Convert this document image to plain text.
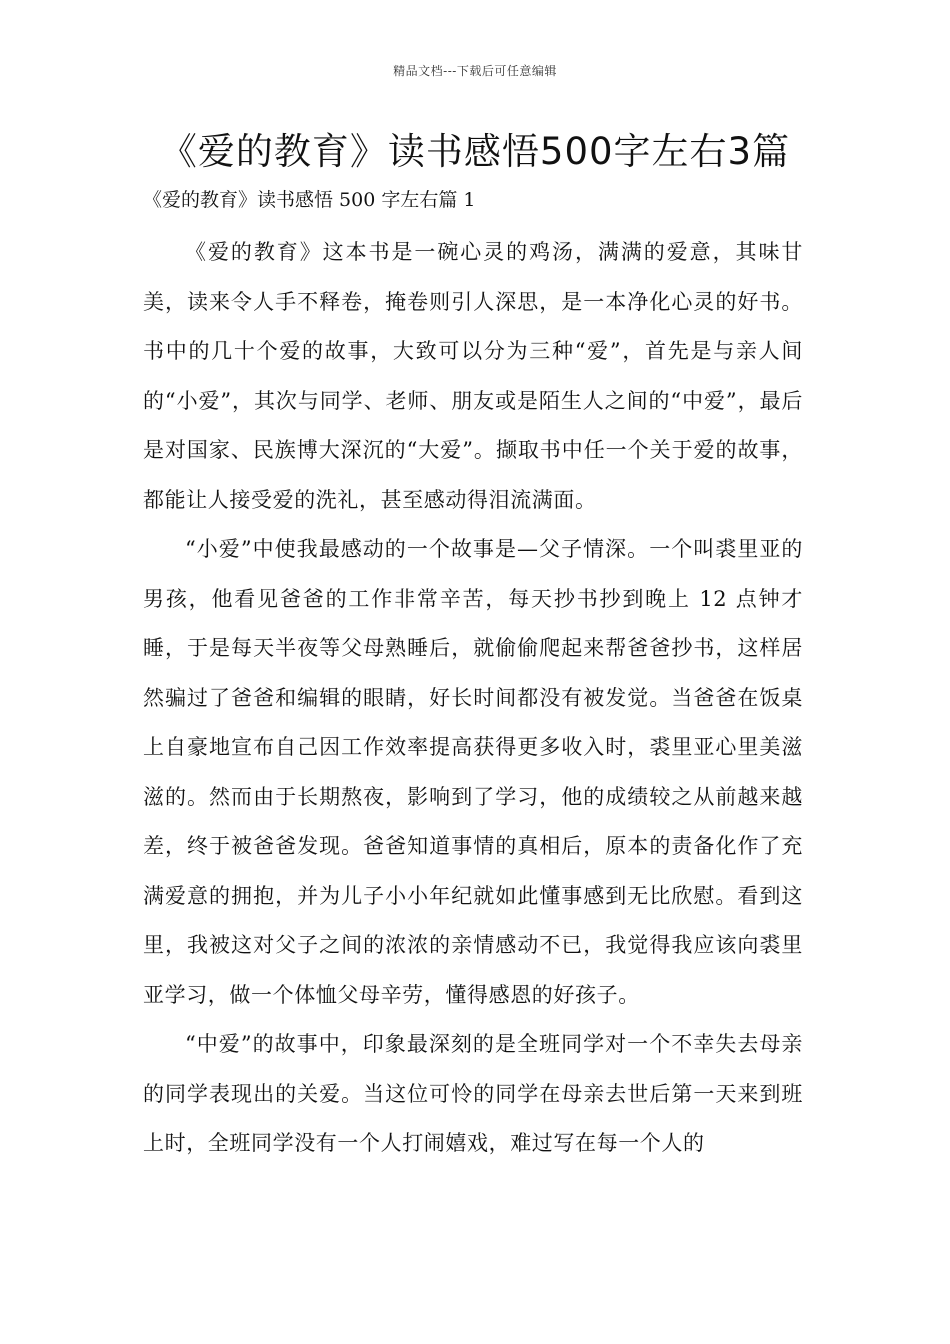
精品文档---下载后可任意编辑
《爱的教育》读书感悟500字左右3篇
《爱的教育》读书感悟 500 字左右篇 1

《爱的教育》这本书是一碗心灵的鸡汤，满满的爱意，其味甘美，读来令人手不释卷，掩卷则引人深思，是一本净化心灵的好书。书中的几十个爱的故事，大致可以分为三种“爱”，首先是与亲人间的“小爱”，其次与同学、老师、朋友或是陌生人之间的“中爱”，最后是对国家、民族博大深沉的“大爱”。撷取书中任一个关于爱的故事，都能让人接受爱的洗礼，甚至感动得泪流满面。

“小爱”中使我最感动的一个故事是—父子情深。一个叫裘里亚的男孩，他看见爸爸的工作非常辛苦，每天抄书抄到晚上 12 点钟才睡，于是每天半夜等父母熟睡后，就偷偷爬起来帮爸爸抄书，这样居然骗过了爸爸和编辑的眼睛，好长时间都没有被发觉。当爸爸在饭桌上自豪地宣布自己因工作效率提高获得更多收入时，裘里亚心里美滋滋的。然而由于长期熬夜，影响到了学习，他的成绩较之从前越来越差，终于被爸爸发现。爸爸知道事情的真相后，原本的责备化作了充满爱意的拥抱，并为儿子小小年纪就如此懂事感到无比欣慰。看到这里，我被这对父子之间的浓浓的亲情感动不已，我觉得我应该向裘里亚学习，做一个体恤父母辛劳，懂得感恩的好孩子。

“中爱”的故事中，印象最深刻的是全班同学对一个不幸失去母亲的同学表现出的关爱。当这位可怜的同学在母亲去世后第一天来到班上时，全班同学没有一个人打闹嬉戏，难过写在每一个人的
